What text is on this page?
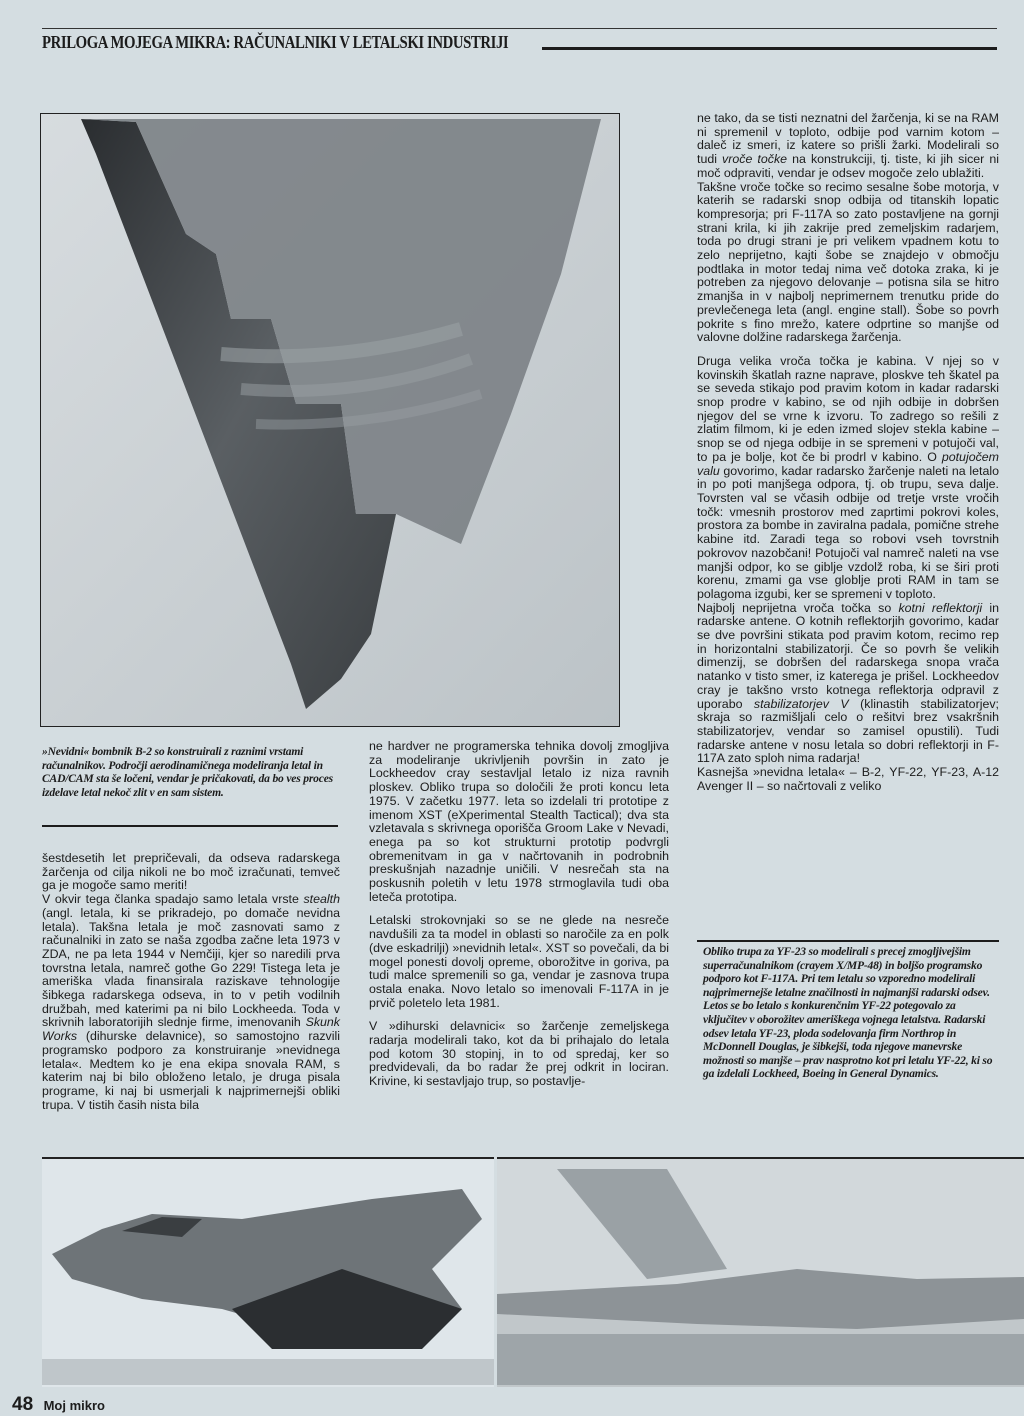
PRILOGA MOJEGA MIKRA: RAČUNALNIKI V LETALSKI INDUSTRIJI
»Nevidni« bombnik B-2 so konstruirali z raznimi vrstami računalnikov. Področji aerodinamičnega modeliranja letal in CAD/CAM sta še ločeni, vendar je pričakovati, da bo ves proces izdelave letal nekoč zlit v en sam sistem.

šestdesetih let prepričevali, da odseva radarskega žarčenja od cilja nikoli ne bo moč izračunati, temveč ga je mogoče samo meriti!

V okvir tega članka spadajo samo letala vrste stealth (angl. letala, ki se prikradejo, po domače nevidna letala). Takšna letala je moč zasnovati samo z računalniki in zato se naša zgodba začne leta 1973 v ZDA, ne pa leta 1944 v Nemčiji, kjer so naredili prva tovrstna letala, namreč gothe Go 229! Tistega leta je ameriška vlada finansirala raziskave tehnologije šibkega radarskega odseva, in to v petih vodilnih družbah, med katerimi pa ni bilo Lockheeda. Toda v skrivnih laboratorijih slednje firme, imenovanih Skunk Works (dihurske delavnice), so samostojno razvili programsko podporo za konstruiranje »nevidnega letala«. Medtem ko je ena ekipa snovala RAM, s katerim naj bi bilo obloženo letalo, je druga pisala programe, ki naj bi usmerjali k najprimernejši obliki trupa. V tistih časih nista bila

ne hardver ne programerska tehnika dovolj zmogljiva za modeliranje ukrivljenih površin in zato je Lockheedov cray sestavljal letalo iz niza ravnih ploskev. Obliko trupa so določili že proti koncu leta 1975. V začetku 1977. leta so izdelali tri prototipe z imenom XST (eXperimental Stealth Tactical); dva sta vzletavala s skrivnega oporišča Groom Lake v Nevadi, enega pa so kot strukturni prototip podvrgli obremenitvam in ga v načrtovanih in podrobnih preskušnjah nazadnje uničili. V nesrečah sta na poskusnih poletih v letu 1978 strmoglavila tudi oba leteča prototipa.

Letalski strokovnjaki so se ne glede na nesreče navdušili za ta model in oblasti so naročile za en polk (dve eskadrilji) »nevidnih letal«. XST so povečali, da bi mogel ponesti dovolj opreme, oborožitve in goriva, pa tudi malce spremenili so ga, vendar je zasnova trupa ostala enaka. Novo letalo so imenovali F-117A in je prvič poletelo leta 1981.

V »dihurski delavnici« so žarčenje zemeljskega radarja modelirali tako, kot da bi prihajalo do letala pod kotom 30 stopinj, in to od spredaj, ker so predvidevali, da bo radar že prej odkrit in lociran. Krivine, ki sestavljajo trup, so postavlje-

ne tako, da se tisti neznatni del žarčenja, ki se na RAM ni spremenil v toploto, odbije pod varnim kotom – daleč iz smeri, iz katere so prišli žarki. Modelirali so tudi vroče točke na konstrukciji, tj. tiste, ki jih sicer ni moč odpraviti, vendar je odsev mogoče zelo ublažiti.

Takšne vroče točke so recimo sesalne šobe motorja, v katerih se radarski snop odbija od titanskih lopatic kompresorja; pri F-117A so zato postavljene na gornji strani krila, ki jih zakrije pred zemeljskim radarjem, toda po drugi strani je pri velikem vpadnem kotu to zelo neprijetno, kajti šobe se znajdejo v območju podtlaka in motor tedaj nima več dotoka zraka, ki je potreben za njegovo delovanje – potisna sila se hitro zmanjša in v najbolj neprimernem trenutku pride do prevlečenega leta (angl. engine stall). Šobe so povrh pokrite s fino mrežo, katere odprtine so manjše od valovne dolžine radarskega žarčenja.

Druga velika vroča točka je kabina. V njej so v kovinskih škatlah razne naprave, ploskve teh škatel pa se seveda stikajo pod pravim kotom in kadar radarski snop prodre v kabino, se od njih odbije in dobršen njegov del se vrne k izvoru. To zadrego so rešili z zlatim filmom, ki je eden izmed slojev stekla kabine – snop se od njega odbije in se spremeni v potujoči val, to pa je bolje, kot če bi prodrl v kabino. O potujočem valu govorimo, kadar radarsko žarčenje naleti na letalo in po poti manjšega odpora, tj. ob trupu, seva dalje. Tovrsten val se včasih odbije od tretje vrste vročih točk: vmesnih prostorov med zaprtimi pokrovi koles, prostora za bombe in zaviralna padala, pomične strehe kabine itd. Zaradi tega so robovi vseh tovrstnih pokrovov nazobčani! Potujoči val namreč naleti na vse manjši odpor, ko se giblje vzdolž roba, ki se širi proti korenu, zmami ga vse globlje proti RAM in tam se polagoma izgubi, ker se spremeni v toploto.

Najbolj neprijetna vroča točka so kotni reflektorji in radarske antene. O kotnih reflektorjih govorimo, kadar se dve površini stikata pod pravim kotom, recimo rep in horizontalni stabilizatorji. Če so povrh še velikih dimenzij, se dobršen del radarskega snopa vrača natanko v tisto smer, iz katerega je prišel. Lockheedov cray je takšno vrsto kotnega reflektorja odpravil z uporabo stabilizatorjev V (klinastih stabilizatorjev; skraja so razmišljali celo o rešitvi brez vsakršnih stabilizatorjev, vendar so zamisel opustili). Tudi radarske antene v nosu letala so dobri reflektorji in F-117A zato sploh nima radarja!

Kasnejša »nevidna letala« – B-2, YF-22, YF-23, A-12 Avenger II – so načrtovali z veliko

Obliko trupa za YF-23 so modelirali s precej zmogljivejšim superračunalnikom (crayem X/MP-48) in boljšo programsko podporo kot F-117A. Pri tem letalu so vzporedno modelirali najprimernejše letalne značilnosti in najmanjši radarski odsev. Letos se bo letalo s konkurenčnim YF-22 potegovalo za vključitev v oborožitev ameriškega vojnega letalstva. Radarski odsev letala YF-23, ploda sodelovanja firm Northrop in McDonnell Douglas, je šibkejši, toda njegove manevrske možnosti so manjše – prav nasprotno kot pri letalu YF-22, ki so ga izdelali Lockheed, Boeing in General Dynamics.
48 Moj mikro
